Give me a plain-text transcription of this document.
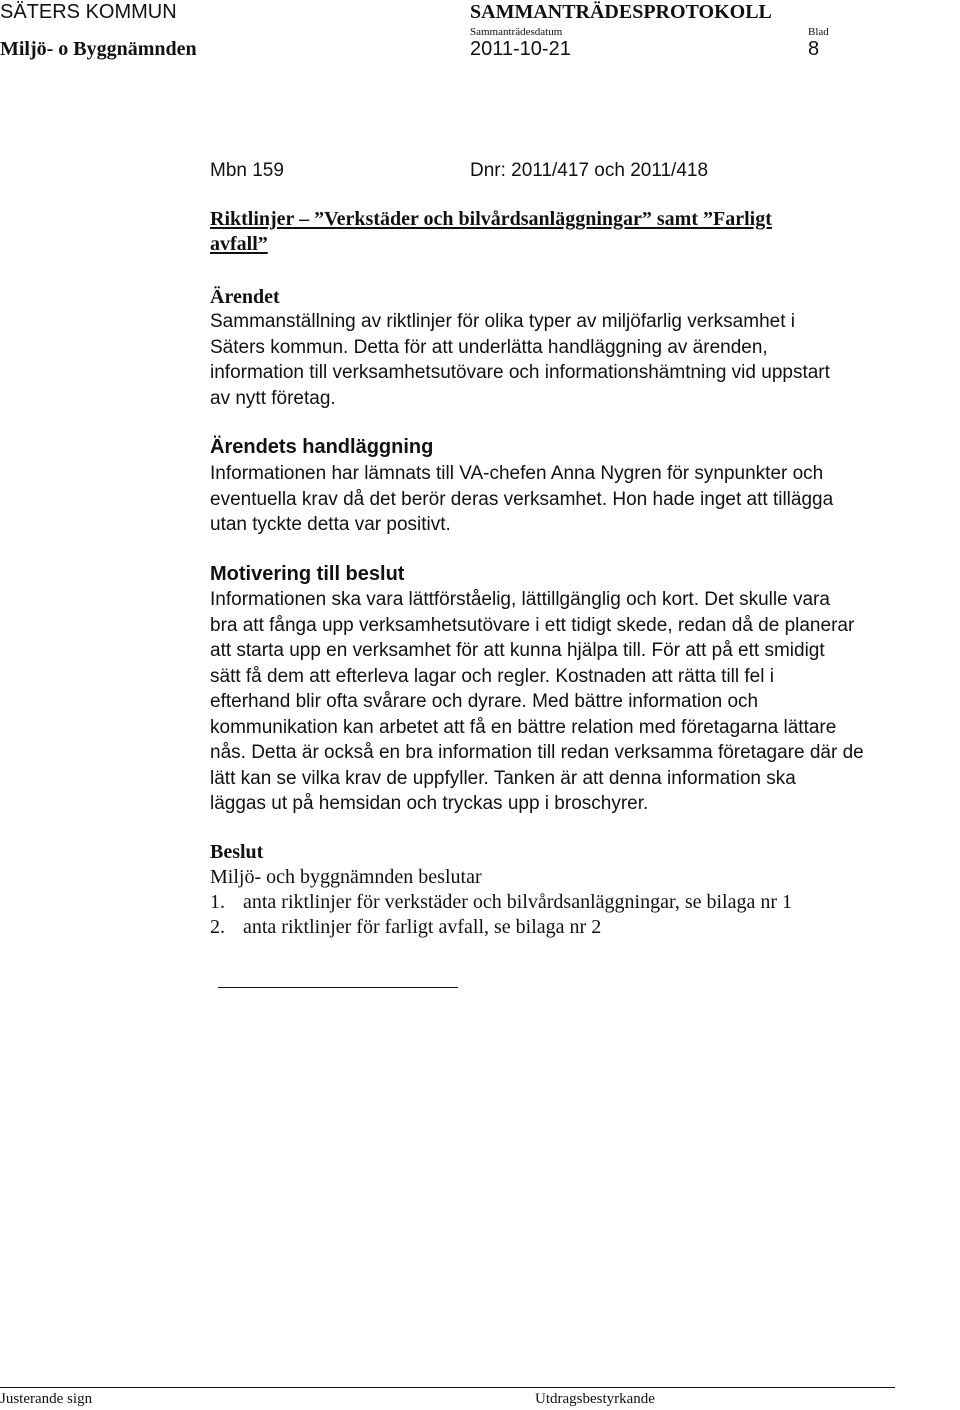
SÄTERS KOMMUN
Miljö- o Byggnämnden
SAMMANTRÄDESPROTOKOLL
Sammanträdesdatum
2011-10-21
Blad
8
Mbn 159	Dnr: 2011/417 och 2011/418
Riktlinjer – ”Verkstäder och bilvårdsanläggningar” samt ”Farligt
avfall”
Ärendet
Sammanställning av riktlinjer för olika typer av miljöfarlig verksamhet i
Säters kommun. Detta för att underlätta handläggning av ärenden,
information till verksamhetsutövare och informationshämtning vid uppstart
av nytt företag.
Ärendets handläggning
Informationen har lämnats till VA-chefen Anna Nygren för synpunkter och
eventuella krav då det berör deras verksamhet. Hon hade inget att tillägga
utan tyckte detta var positivt.
Motivering till beslut
Informationen ska vara lättförståelig, lättillgänglig och kort. Det skulle vara
bra att fånga upp verksamhetsutövare i ett tidigt skede, redan då de planerar
att starta upp en verksamhet för att kunna hjälpa till. För att på ett smidigt
sätt få dem att efterleva lagar och regler. Kostnaden att rätta till fel i
efterhand blir ofta svårare och dyrare. Med bättre information och
kommunikation kan arbetet att få en bättre relation med företagarna lättare
nås. Detta är också en bra information till redan verksamma företagare där de
lätt kan se vilka krav de uppfyller. Tanken är att denna information ska
läggas ut på hemsidan och tryckas upp i broschyrer.
Beslut
Miljö- och byggnämnden beslutar
1. anta riktlinjer för verkstäder och bilvårdsanläggningar, se bilaga nr 1
2. anta riktlinjer för farligt avfall, se bilaga nr 2
Justerande sign	Utdragsbestyrkande
